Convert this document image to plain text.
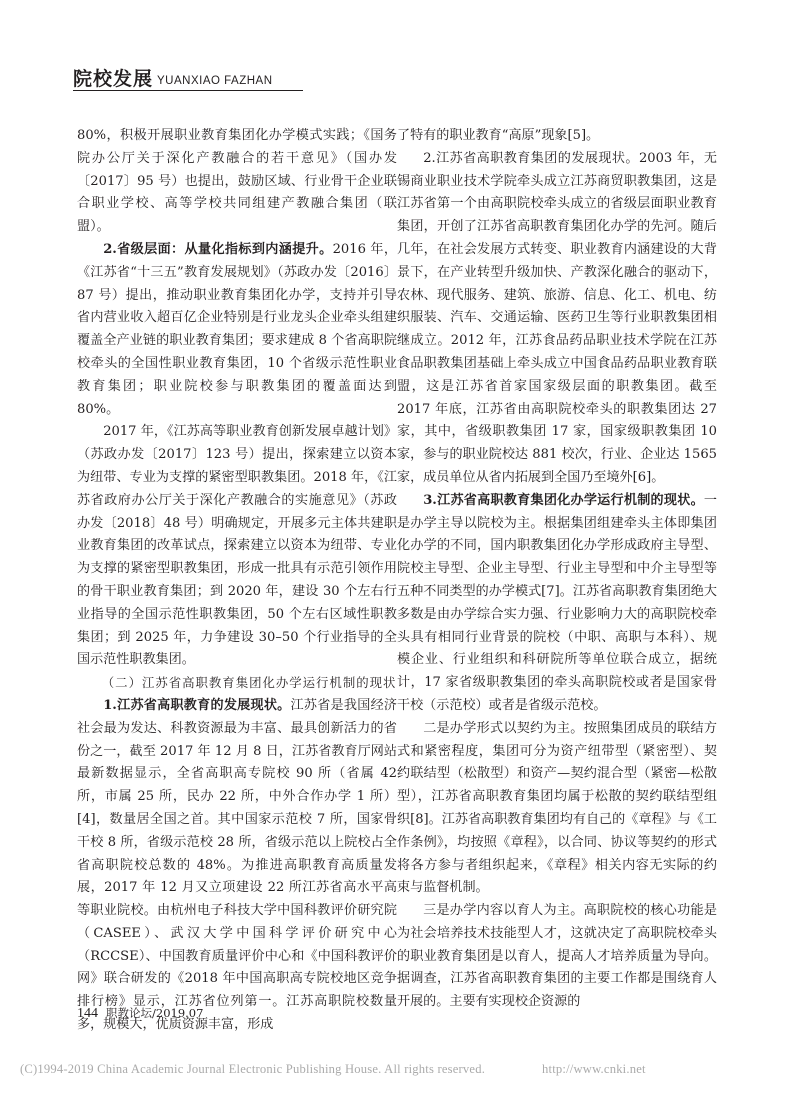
院校发展 YUANXIAO FAZHAN

80%，积极开展职业教育集团化办学模式实践；《国务院办公厅关于深化产教融合的若干意见》（国办发〔2017〕95 号）也提出，鼓励区域、行业骨干企业联合职业学校、高等学校共同组建产教融合集团（联盟）。

2.省级层面：从量化指标到内涵提升。2016 年，《江苏省“十三五”教育发展规划》（苏政办发〔2016〕87 号）提出，推动职业教育集团化办学，支持并引导省内营业收入超百亿企业特别是行业龙头企业牵头组建覆盖全产业链的职业教育集团；要求建成 8 个省高职院校牵头的全国性职业教育集团，10 个省级示范性职业教育集团；职业院校参与职教集团的覆盖面达到 80%。

2017 年，《江苏高等职业教育创新发展卓越计划》（苏政办发〔2017〕123 号）提出，探索建立以资本为纽带、专业为支撑的紧密型职教集团。2018 年，《江苏省政府办公厅关于深化产教融合的实施意见》（苏政办发〔2018〕48 号）明确规定，开展多元主体共建职业教育集团的改革试点，探索建立以资本为纽带、专业为支撑的紧密型职教集团，形成一批具有示范引领作用的骨干职业教育集团；到 2020 年，建设 30 个左右行业指导的全国示范性职教集团，50 个左右区域性职教集团；到 2025 年，力争建设 30–50 个行业指导的全国示范性职教集团。

（二）江苏省高职教育集团化办学运行机制的现状

1.江苏省高职教育的发展现状。江苏省是我国经济社会最为发达、科教资源最为丰富、最具创新活力的省份之一，截至 2017 年 12 月 8 日，江苏省教育厅网站最新数据显示，全省高职高专院校 90 所（省属 42 所，市属 25 所，民办 22 所，中外合作办学 1 所）[4]，数量居全国之首。其中国家示范校 7 所，国家骨干校 8 所，省级示范校 28 所，省级示范以上院校占全省高职院校总数的 48%。为推进高职教育高质量发展，2017 年 12 月又立项建设 22 所江苏省高水平高等职业院校。由杭州电子科技大学中国科教评价研究院（CASEE）、武汉大学中国科学评价研究中心（RCCSE）、中国教育质量评价中心和《中国科教评价网》联合研发的《2018 年中国高职高专院校地区竞争排行榜》显示，江苏省位列第一。江苏高职院校数量多，规模大，优质资源丰富，形成

了特有的职业教育“高原”现象[5]。

2.江苏省高职教育集团的发展现状。2003 年，无锡商业职业技术学院牵头成立江苏商贸职教集团，这是江苏省第一个由高职院校牵头成立的省级层面职业教育集团，开创了江苏省高职教育集团化办学的先河。随后几年，在社会发展方式转变、职业教育内涵建设的大背景下，在产业转型升级加快、产教深化融合的驱动下，农林、现代服务、建筑、旅游、信息、化工、机电、纺织服装、汽车、交通运输、医药卫生等行业职教集团相继成立。2012 年，江苏食品药品职业技术学院在江苏食品职教集团基础上牵头成立中国食品药品职业教育联盟，这是江苏省首家国家级层面的职教集团。截至 2017 年底，江苏省由高职院校牵头的职教集团达 27 家，其中，省级职教集团 17 家，国家级职教集团 10 家，参与的职业院校达 881 校次，行业、企业达 1565 家，成员单位从省内拓展到全国乃至境外[6]。

3.江苏省高职教育集团化办学运行机制的现状。一是办学主导以院校为主。根据集团组建牵头主体即集团化办学的不同，国内职教集团化办学形成政府主导型、院校主导型、企业主导型、行业主导型和中介主导型等五种不同类型的办学模式[7]。江苏省高职教育集团绝大多数是由办学综合实力强、行业影响力大的高职院校牵头具有相同行业背景的院校（中职、高职与本科）、规模企业、行业组织和科研院所等单位联合成立，据统计，17 家省级职教集团的牵头高职院校或者是国家骨干校（示范校）或者是省级示范校。

二是办学形式以契约为主。按照集团成员的联结方式和紧密程度，集团可分为资产纽带型（紧密型）、契约联结型（松散型）和资产—契约混合型（紧密—松散型），江苏省高职教育集团均属于松散的契约联结型组织[8]。江苏省高职教育集团均有自己的《章程》与《工作条例》，均按照《章程》，以合同、协议等契约的形式将各方参与者组织起来，《章程》相关内容无实际的约束与监督机制。

三是办学内容以育人为主。高职院校的核心功能是为社会培养技术技能型人才，这就决定了高职院校牵头的职业教育集团是以育人，提高人才培养质量为导向。据调查，江苏省高职教育集团的主要工作都是围绕育人开展的。主要有实现校企资源的

144 职教论坛/2019.07
(C)1994-2019 China Academic Journal Electronic Publishing House. All rights reserved.	http://www.cnki.net
